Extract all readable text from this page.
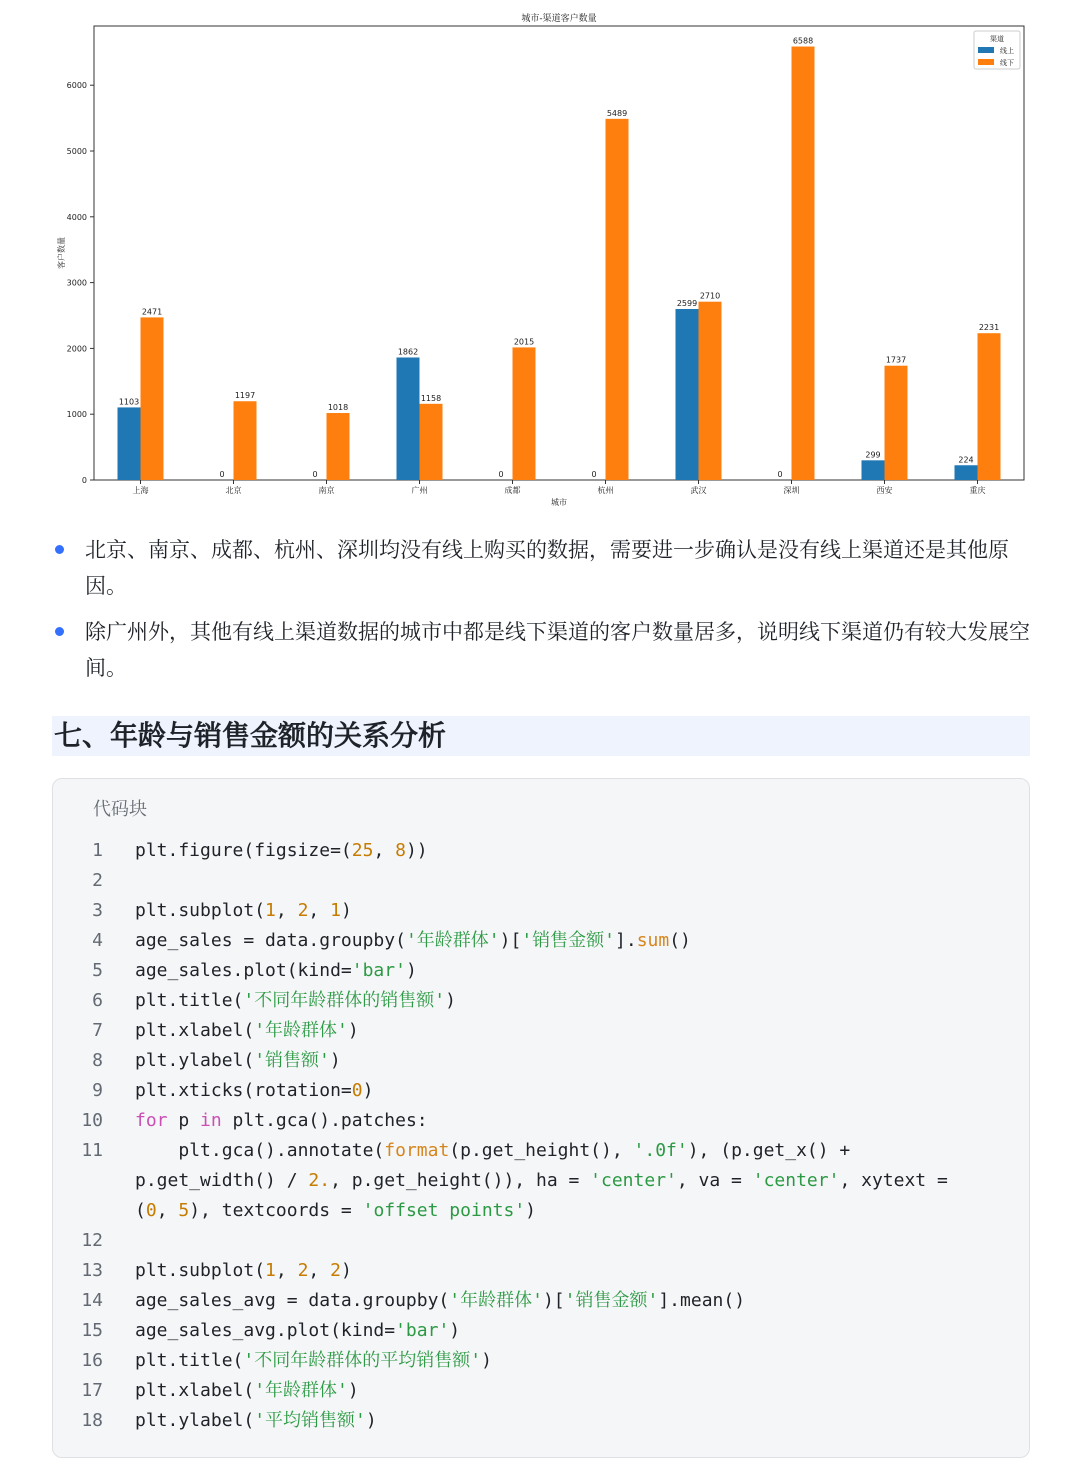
城市-渠道客户数量
0
1000
2000
3000
4000
5000
6000
上海	北京	南京	广州	成都	杭州	武汉	深圳	西安	重庆
1103
0	0
1862
0	0
2599
0
299
224
2471
1197
1018
1158
2015
5489
2710
6588
1737
2231
城市
客户数量
渠道
线上
线下
北京、南京、成都、杭州、深圳均没有线上购买的数据，需要进一步确认是没有线上渠道还是其他原因。
除广州外，其他有线上渠道数据的城市中都是线下渠道的客户数量居多，说明线下渠道仍有较大发展空间。
七、年龄与销售金额的关系分析
代码块
1	plt.figure(figsize=(25, 8))
2

3	plt.subplot(1, 2, 1)
4	age_sales = data.groupby('年龄群体')['销售金额'].sum()
5	age_sales.plot(kind='bar')
6	plt.title('不同年龄群体的销售额')
7	plt.xlabel('年龄群体')
8	plt.ylabel('销售额')
9	plt.xticks(rotation=0)
10	for p in plt.gca().patches:
11	plt.gca().annotate(format(p.get_height(), '.0f'), (p.get_x() + p.get_width() / 2., p.get_height()), ha = 'center', va = 'center', xytext = (0, 5), textcoords = 'offset points')
12

13	plt.subplot(1, 2, 2)
14	age_sales_avg = data.groupby('年龄群体')['销售金额'].mean()
15	age_sales_avg.plot(kind='bar')
16	plt.title('不同年龄群体的平均销售额')
17	plt.xlabel('年龄群体')
18	plt.ylabel('平均销售额')
